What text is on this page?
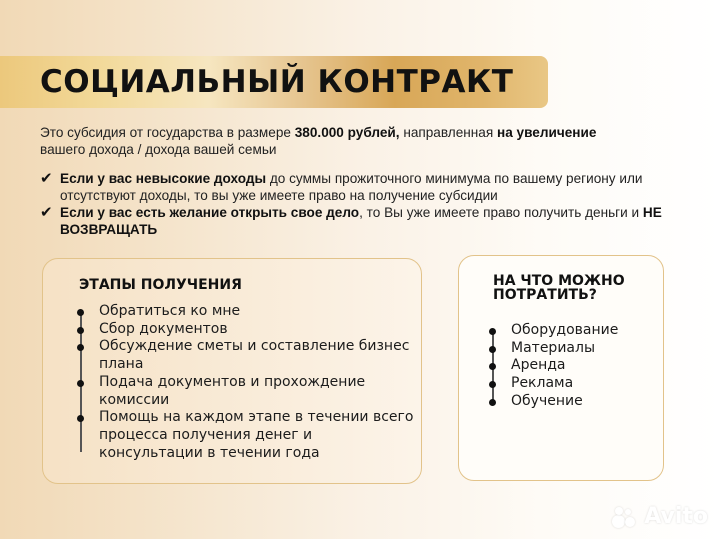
СОЦИАЛЬНЫЙ КОНТРАКТ

Это субсидия от государства в размере 380.000 рублей, направленная на увеличение
вашего дохода / дохода вашей семьи

✔ Если у вас невысокие доходы до суммы прожиточного минимума по вашему региону или отсутствуют доходы, то вы уже имеете право на получение субсидии
✔ Если у вас есть желание открыть свое дело, то Вы уже имеете право получить деньги и НЕ ВОЗВРАЩАТЬ
ЭТАПЫ ПОЛУЧЕНИЯ
Обратиться ко мне
Сбор документов
Обсуждение сметы и составление бизнес плана
Подача документов и прохождение комиссии
Помощь на каждом этапе в течении всего процесса получения денег и консультации в течении года
НА ЧТО МОЖНО ПОТРАТИТЬ?
Оборудование
Материалы
Аренда
Реклама
Обучение
Avito
